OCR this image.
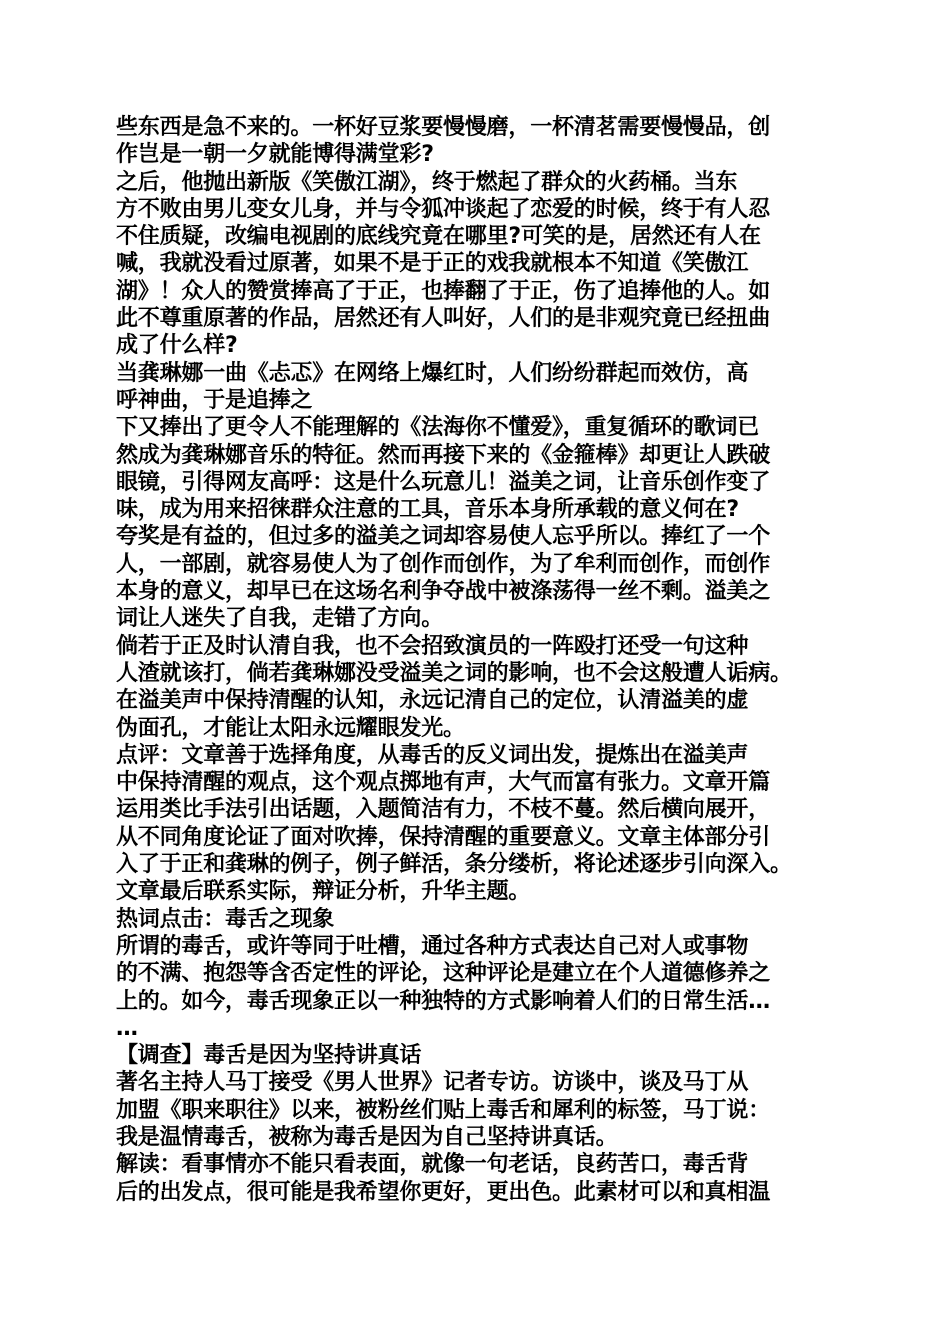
些东西是急不来的。一杯好豆浆要慢慢磨，一杯清茗需要慢慢品，创
作岂是一朝一夕就能博得满堂彩?
之后，他抛出新版《笑傲江湖》，终于燃起了群众的火药桶。当东
方不败由男儿变女儿身，并与令狐冲谈起了恋爱的时候，终于有人忍
不住质疑，改编电视剧的底线究竟在哪里?可笑的是，居然还有人在
喊，我就没看过原著，如果不是于正的戏我就根本不知道《笑傲江
湖》！众人的赞赏捧高了于正，也捧翻了于正，伤了追捧他的人。如
此不尊重原著的作品，居然还有人叫好，人们的是非观究竟已经扭曲
成了什么样?
当龚琳娜一曲《忐忑》在网络上爆红时，人们纷纷群起而效仿，高
呼神曲，于是追捧之
下又捧出了更令人不能理解的《法海你不懂爱》，重复循环的歌词已
然成为龚琳娜音乐的特征。然而再接下来的《金箍棒》却更让人跌破
眼镜，引得网友高呼：这是什么玩意儿！溢美之词，让音乐创作变了
味，成为用来招徕群众注意的工具，音乐本身所承载的意义何在?
夸奖是有益的，但过多的溢美之词却容易使人忘乎所以。捧红了一个
人，一部剧，就容易使人为了创作而创作，为了牟利而创作，而创作
本身的意义，却早已在这场名利争夺战中被涤荡得一丝不剩。溢美之
词让人迷失了自我，走错了方向。
倘若于正及时认清自我，也不会招致演员的一阵殴打还受一句这种
人渣就该打，倘若龚琳娜没受溢美之词的影响，也不会这般遭人诟病。
在溢美声中保持清醒的认知，永远记清自己的定位，认清溢美的虚
伪面孔，才能让太阳永远耀眼发光。
点评：文章善于选择角度，从毒舌的反义词出发，提炼出在溢美声
中保持清醒的观点，这个观点掷地有声，大气而富有张力。文章开篇
运用类比手法引出话题，入题简洁有力，不枝不蔓。然后横向展开，
从不同角度论证了面对吹捧，保持清醒的重要意义。文章主体部分引
入了于正和龚琳的例子，例子鲜活，条分缕析，将论述逐步引向深入。
文章最后联系实际，辩证分析，升华主题。
热词点击：毒舌之现象
所谓的毒舌，或许等同于吐槽，通过各种方式表达自己对人或事物
的不满、抱怨等含否定性的评论，这种评论是建立在个人道德修养之
上的。如今，毒舌现象正以一种独特的方式影响着人们的日常生活…
…
【调查】毒舌是因为坚持讲真话
著名主持人马丁接受《男人世界》记者专访。访谈中，谈及马丁从
加盟《职来职往》以来，被粉丝们贴上毒舌和犀利的标签，马丁说：
我是温情毒舌，被称为毒舌是因为自己坚持讲真话。
解读：看事情亦不能只看表面，就像一句老话，良药苦口，毒舌背
后的出发点，很可能是我希望你更好，更出色。此素材可以和真相温
